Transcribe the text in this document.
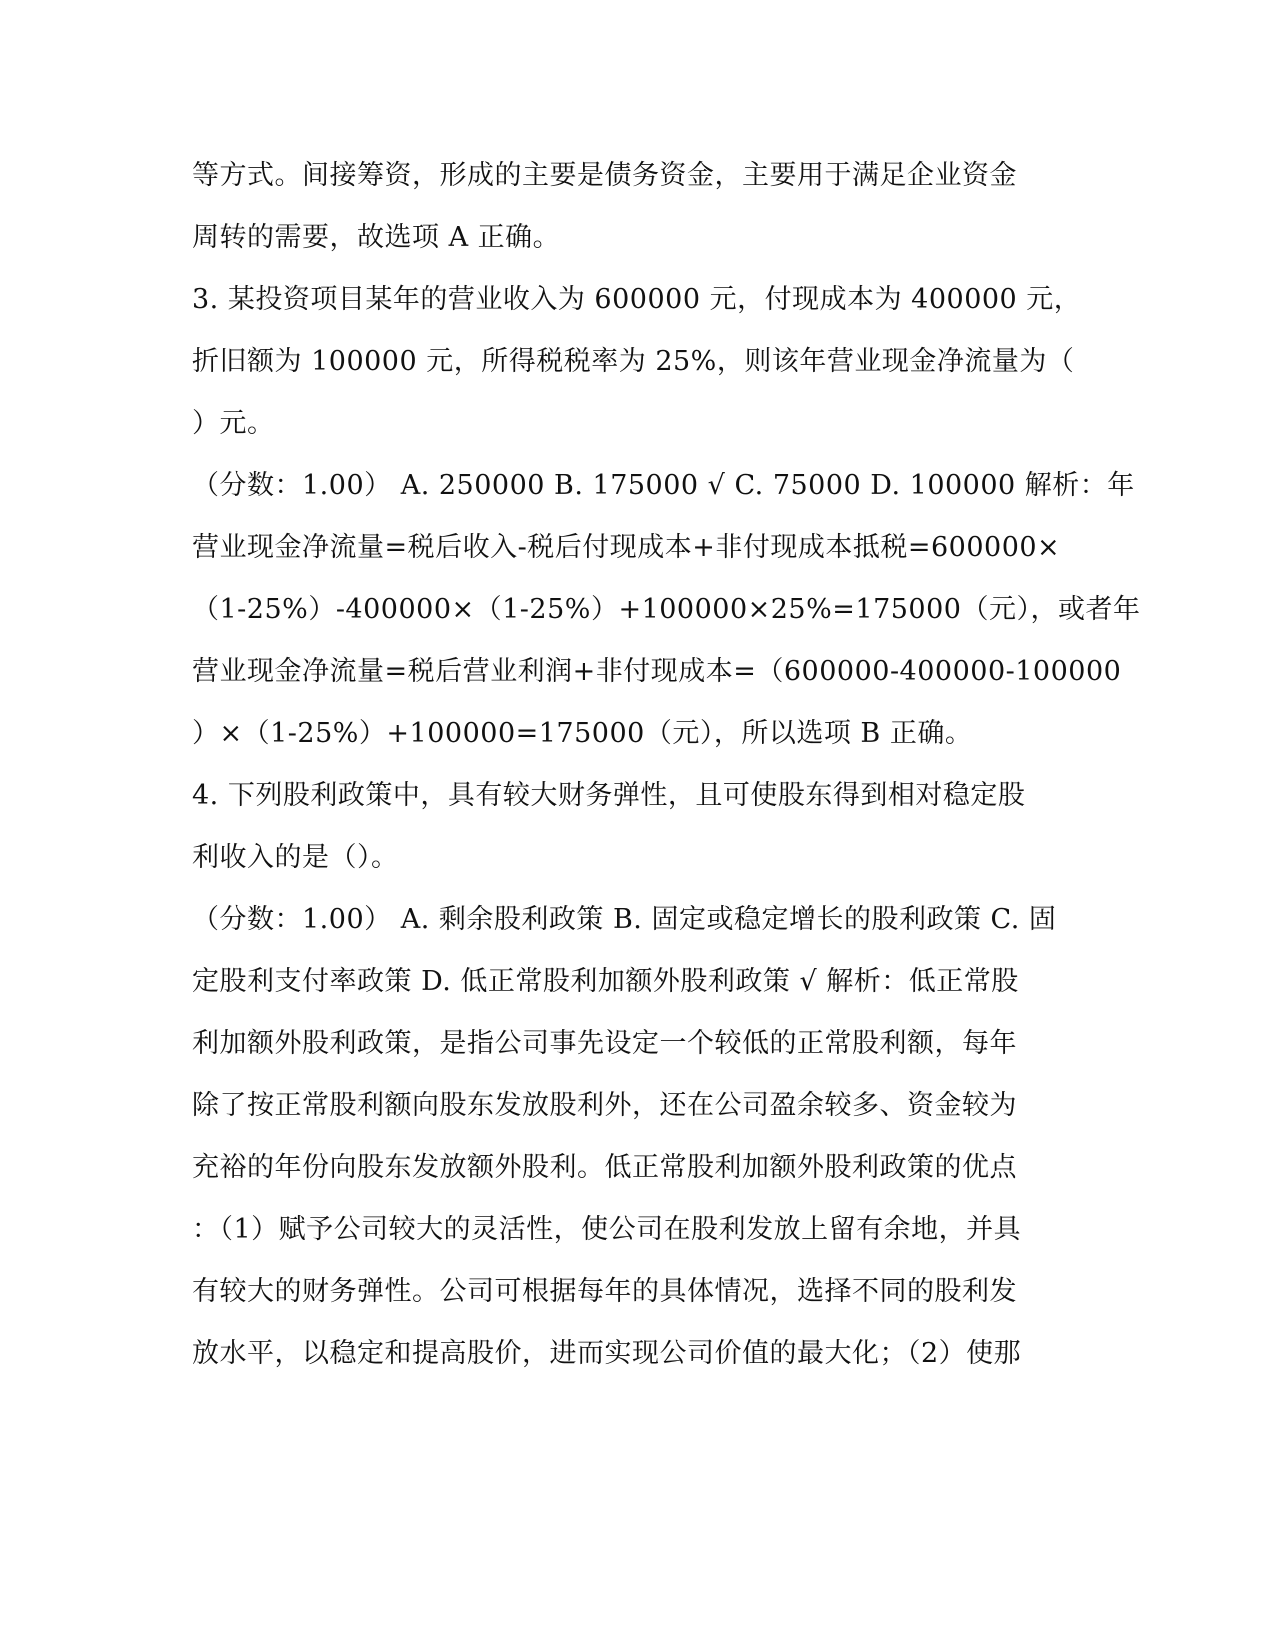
等方式。间接筹资，形成的主要是债务资金，主要用于满足企业资金
周转的需要，故选项 A 正确。
3. 某投资项目某年的营业收入为 600000 元，付现成本为 400000 元，
折旧额为 100000 元，所得税税率为 25%，则该年营业现金净流量为（
）元。
（分数：1.00） A. 250000 B. 175000 √ C. 75000 D. 100000 解析：年
营业现金净流量=税后收入-税后付现成本+非付现成本抵税=600000×
（1-25%）-400000×（1-25%）+100000×25%=175000（元），或者年
营业现金净流量=税后营业利润+非付现成本=（600000-400000-100000
）×（1-25%）+100000=175000（元），所以选项 B 正确。
4. 下列股利政策中，具有较大财务弹性，且可使股东得到相对稳定股
利收入的是（）。
（分数：1.00） A. 剩余股利政策 B. 固定或稳定增长的股利政策 C. 固
定股利支付率政策 D. 低正常股利加额外股利政策 √ 解析：低正常股
利加额外股利政策，是指公司事先设定一个较低的正常股利额，每年
除了按正常股利额向股东发放股利外，还在公司盈余较多、资金较为
充裕的年份向股东发放额外股利。低正常股利加额外股利政策的优点
：（1）赋予公司较大的灵活性，使公司在股利发放上留有余地，并具
有较大的财务弹性。公司可根据每年的具体情况，选择不同的股利发
放水平，以稳定和提高股价，进而实现公司价值的最大化；（2）使那
